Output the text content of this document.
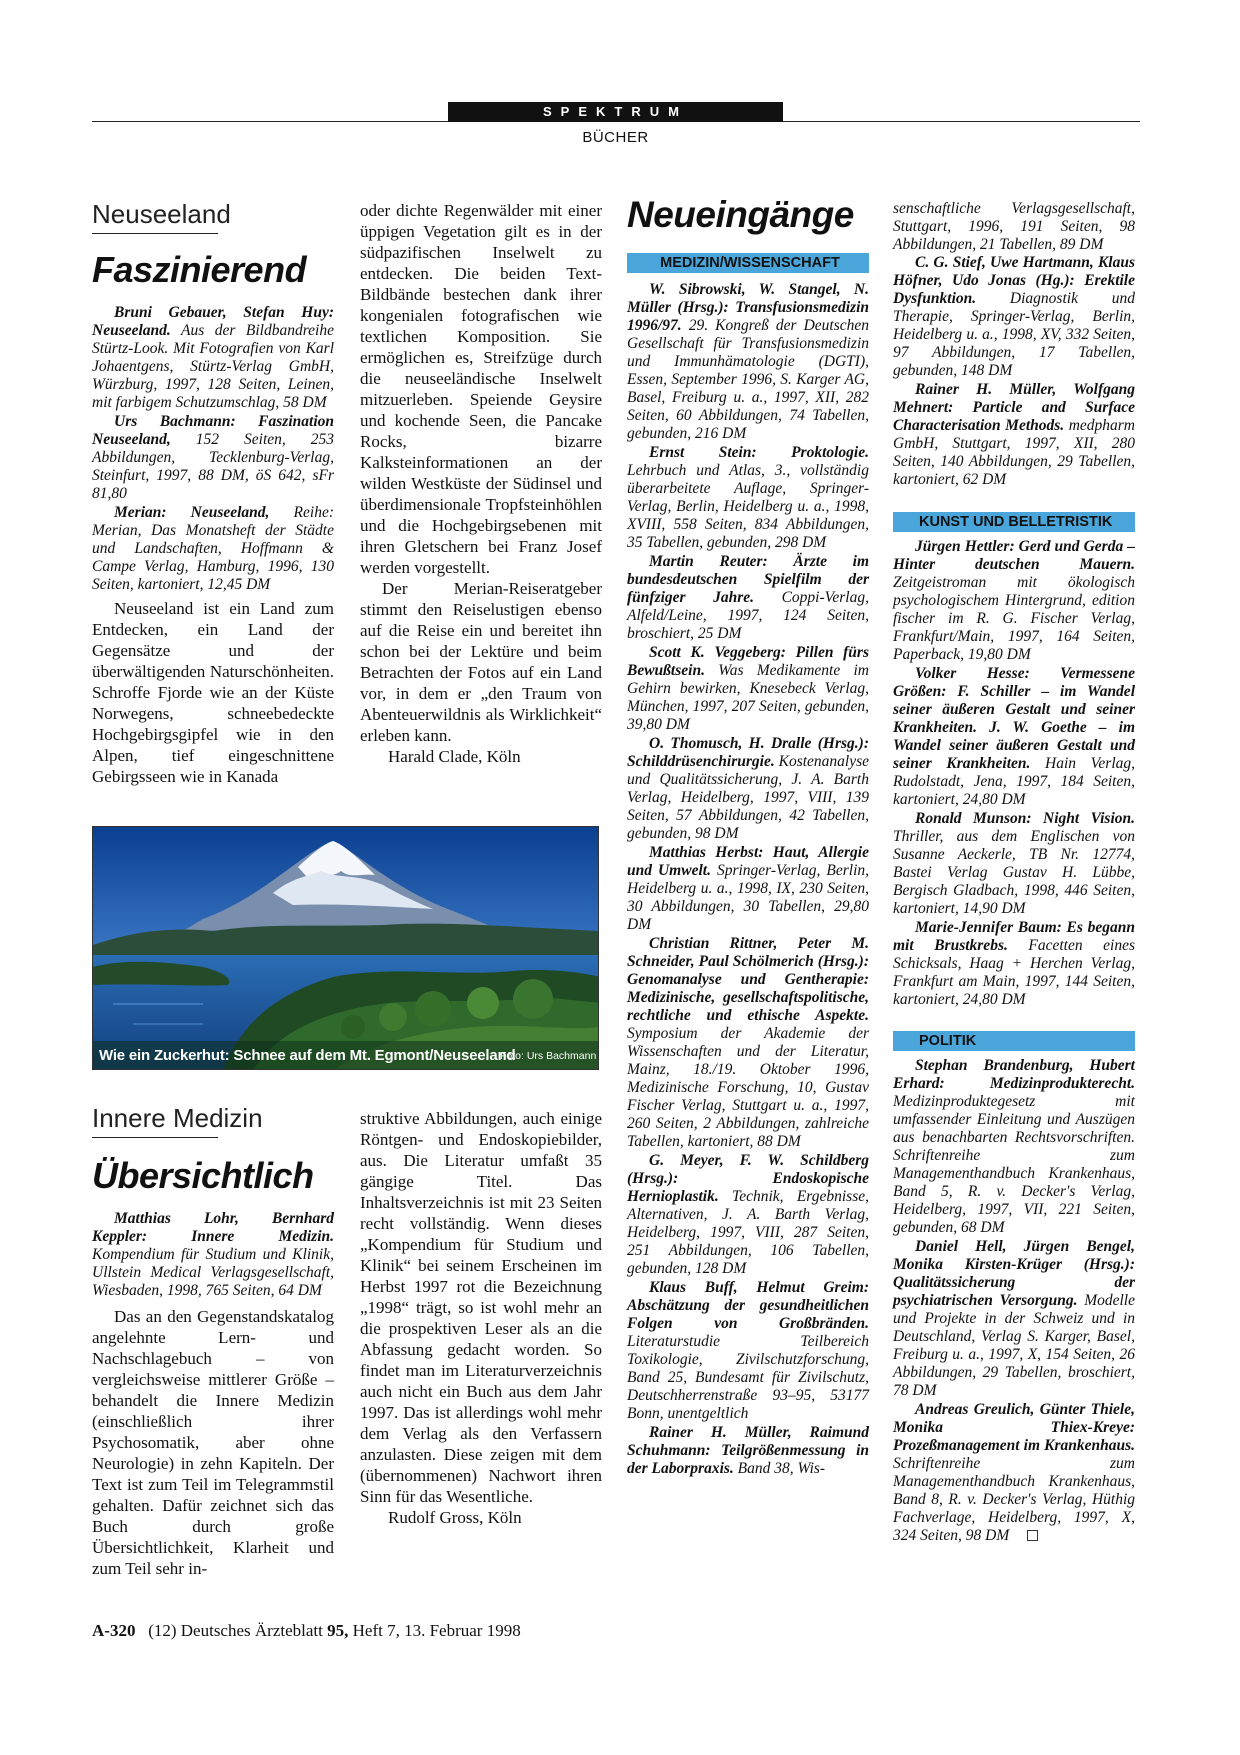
SPEKTRUM
BÜCHER
Neuseeland
Faszinierend

Bruni Gebauer, Stefan Huy: Neuseeland. Aus der Bildbandreihe Stürtz-Look. Mit Fotografien von Karl Johaentgens, Stürtz-Verlag GmbH, Würzburg, 1997, 128 Seiten, Leinen, mit farbigem Schutzumschlag, 58 DM

Urs Bachmann: Faszination Neuseeland, 152 Seiten, 253 Abbildungen, Tecklenburg-Verlag, Steinfurt, 1997, 88 DM, öS 642, sFr 81,80

Merian: Neuseeland, Reihe: Merian, Das Monatsheft der Städte und Landschaften, Hoffmann & Campe Verlag, Hamburg, 1996, 130 Seiten, kartoniert, 12,45 DM

Neuseeland ist ein Land zum Entdecken, ein Land der Gegensätze und der überwältigenden Naturschönheiten. Schroffe Fjorde wie an der Küste Norwegens, schneebedeckte Hochgebirgsgipfel wie in den Alpen, tief eingeschnittene Gebirgsseen wie in Kanada

oder dichte Regenwälder mit einer üppigen Vegetation gilt es in der südpazifischen Inselwelt zu entdecken. Die beiden Text-Bildbände bestechen dank ihrer kongenialen fotografischen wie textlichen Komposition. Sie ermöglichen es, Streifzüge durch die neuseeländische Inselwelt mitzuerleben. Speiende Geysire und kochende Seen, die Pancake Rocks, bizarre Kalksteinformationen an der wilden Westküste der Südinsel und überdimensionale Tropfsteinhöhlen und die Hochgebirgsebenen mit ihren Gletschern bei Franz Josef werden vorgestellt.

Der Merian-Reiseratgeber stimmt den Reiselustigen ebenso auf die Reise ein und bereitet ihn schon bei der Lektüre und beim Betrachten der Fotos auf ein Land vor, in dem er „den Traum von Abenteuerwildnis als Wirklichkeit“ erleben kann.

Harald Clade, Köln

Wie ein Zuckerhut: Schnee auf dem Mt. Egmont/Neuseeland
Foto: Urs Bachmann
Innere Medizin
Übersichtlich

Matthias Lohr, Bernhard Keppler: Innere Medizin. Kompendium für Studium und Klinik, Ullstein Medical Verlagsgesellschaft, Wiesbaden, 1998, 765 Seiten, 64 DM

Das an den Gegenstandskatalog angelehnte Lern- und Nachschlagebuch – von vergleichsweise mittlerer Größe – behandelt die Innere Medizin (einschließlich ihrer Psychosomatik, aber ohne Neurologie) in zehn Kapiteln. Der Text ist zum Teil im Telegrammstil gehalten. Dafür zeichnet sich das Buch durch große Übersichtlichkeit, Klarheit und zum Teil sehr in-

struktive Abbildungen, auch einige Röntgen- und Endoskopiebilder, aus. Die Literatur umfaßt 35 gängige Titel. Das Inhaltsverzeichnis ist mit 23 Seiten recht vollständig. Wenn dieses „Kompendium für Studium und Klinik“ bei seinem Erscheinen im Herbst 1997 rot die Bezeichnung „1998“ trägt, so ist wohl mehr an die prospektiven Leser als an die Abfassung gedacht worden. So findet man im Literaturverzeichnis auch nicht ein Buch aus dem Jahr 1997. Das ist allerdings wohl mehr dem Verlag als den Verfassern anzulasten. Diese zeigen mit dem (übernommenen) Nachwort ihren Sinn für das Wesentliche.

Rudolf Gross, Köln

Neueingänge
MEDIZIN/WISSENSCHAFT

W. Sibrowski, W. Stangel, N. Müller (Hrsg.): Transfusionsmedizin 1996/97. 29. Kongreß der Deutschen Gesellschaft für Transfusionsmedizin und Immunhämatologie (DGTI), Essen, September 1996, S. Karger AG, Basel, Freiburg u. a., 1997, XII, 282 Seiten, 60 Abbildungen, 74 Tabellen, gebunden, 216 DM

Ernst Stein: Proktologie. Lehrbuch und Atlas, 3., vollständig überarbeitete Auflage, Springer-Verlag, Berlin, Heidelberg u. a., 1998, XVIII, 558 Seiten, 834 Abbildungen, 35 Tabellen, gebunden, 298 DM

Martin Reuter: Ärzte im bundesdeutschen Spielfilm der fünfziger Jahre. Coppi-Verlag, Alfeld/Leine, 1997, 124 Seiten, broschiert, 25 DM

Scott K. Veggeberg: Pillen fürs Bewußtsein. Was Medikamente im Gehirn bewirken, Knesebeck Verlag, München, 1997, 207 Seiten, gebunden, 39,80 DM

O. Thomusch, H. Dralle (Hrsg.): Schilddrüsenchirurgie. Kostenanalyse und Qualitätssicherung, J. A. Barth Verlag, Heidelberg, 1997, VIII, 139 Seiten, 57 Abbildungen, 42 Tabellen, gebunden, 98 DM

Matthias Herbst: Haut, Allergie und Umwelt. Springer-Verlag, Berlin, Heidelberg u. a., 1998, IX, 230 Seiten, 30 Abbildungen, 30 Tabellen, 29,80 DM

Christian Rittner, Peter M. Schneider, Paul Schölmerich (Hrsg.): Genomanalyse und Gentherapie: Medizinische, gesellschaftspolitische, rechtliche und ethische Aspekte. Symposium der Akademie der Wissenschaften und der Literatur, Mainz, 18./19. Oktober 1996, Medizinische Forschung, 10, Gustav Fischer Verlag, Stuttgart u. a., 1997, 260 Seiten, 2 Abbildungen, zahlreiche Tabellen, kartoniert, 88 DM

G. Meyer, F. W. Schildberg (Hrsg.): Endoskopische Hernioplastik. Technik, Ergebnisse, Alternativen, J. A. Barth Verlag, Heidelberg, 1997, VIII, 287 Seiten, 251 Abbildungen, 106 Tabellen, gebunden, 128 DM

Klaus Buff, Helmut Greim: Abschätzung der gesundheitlichen Folgen von Großbränden. Literaturstudie Teilbereich Toxikologie, Zivilschutzforschung, Band 25, Bundesamt für Zivilschutz, Deutschherrenstraße 93–95, 53177 Bonn, unentgeltlich

Rainer H. Müller, Raimund Schuhmann: Teilgrößenmessung in der Laborpraxis. Band 38, Wis-

senschaftliche Verlagsgesellschaft, Stuttgart, 1996, 191 Seiten, 98 Abbildungen, 21 Tabellen, 89 DM

C. G. Stief, Uwe Hartmann, Klaus Höfner, Udo Jonas (Hg.): Erektile Dysfunktion. Diagnostik und Therapie, Springer-Verlag, Berlin, Heidelberg u. a., 1998, XV, 332 Seiten, 97 Abbildungen, 17 Tabellen, gebunden, 148 DM

Rainer H. Müller, Wolfgang Mehnert: Particle and Surface Characterisation Methods. medpharm GmbH, Stuttgart, 1997, XII, 280 Seiten, 140 Abbildungen, 29 Tabellen, kartoniert, 62 DM

KUNST UND BELLETRISTIK

Jürgen Hettler: Gerd und Gerda – Hinter deutschen Mauern. Zeitgeistroman mit ökologisch psychologischem Hintergrund, edition fischer im R. G. Fischer Verlag, Frankfurt/Main, 1997, 164 Seiten, Paperback, 19,80 DM

Volker Hesse: Vermessene Größen: F. Schiller – im Wandel seiner äußeren Gestalt und seiner Krankheiten. J. W. Goethe – im Wandel seiner äußeren Gestalt und seiner Krankheiten. Hain Verlag, Rudolstadt, Jena, 1997, 184 Seiten, kartoniert, 24,80 DM

Ronald Munson: Night Vision. Thriller, aus dem Englischen von Susanne Aeckerle, TB Nr. 12774, Bastei Verlag Gustav H. Lübbe, Bergisch Gladbach, 1998, 446 Seiten, kartoniert, 14,90 DM

Marie-Jennifer Baum: Es begann mit Brustkrebs. Facetten eines Schicksals, Haag + Herchen Verlag, Frankfurt am Main, 1997, 144 Seiten, kartoniert, 24,80 DM

POLITIK

Stephan Brandenburg, Hubert Erhard: Medizinprodukterecht. Medizinproduktegesetz mit umfassender Einleitung und Auszügen aus benachbarten Rechtsvorschriften. Schriftenreihe zum Managementhandbuch Krankenhaus, Band 5, R. v. Decker's Verlag, Heidelberg, 1997, VII, 221 Seiten, gebunden, 68 DM

Daniel Hell, Jürgen Bengel, Monika Kirsten-Krüger (Hrsg.): Qualitätssicherung der psychiatrischen Versorgung. Modelle und Projekte in der Schweiz und in Deutschland, Verlag S. Karger, Basel, Freiburg u. a., 1997, X, 154 Seiten, 26 Abbildungen, 29 Tabellen, broschiert, 78 DM

Andreas Greulich, Günter Thiele, Monika Thiex-Kreye: Prozeßmanagement im Krankenhaus. Schriftenreihe zum Managementhandbuch Krankenhaus, Band 8, R. v. Decker's Verlag, Hüthig Fachverlage, Heidelberg, 1997, X, 324 Seiten, 98 DM

A-320 (12) Deutsches Ärzteblatt 95, Heft 7, 13. Februar 1998
